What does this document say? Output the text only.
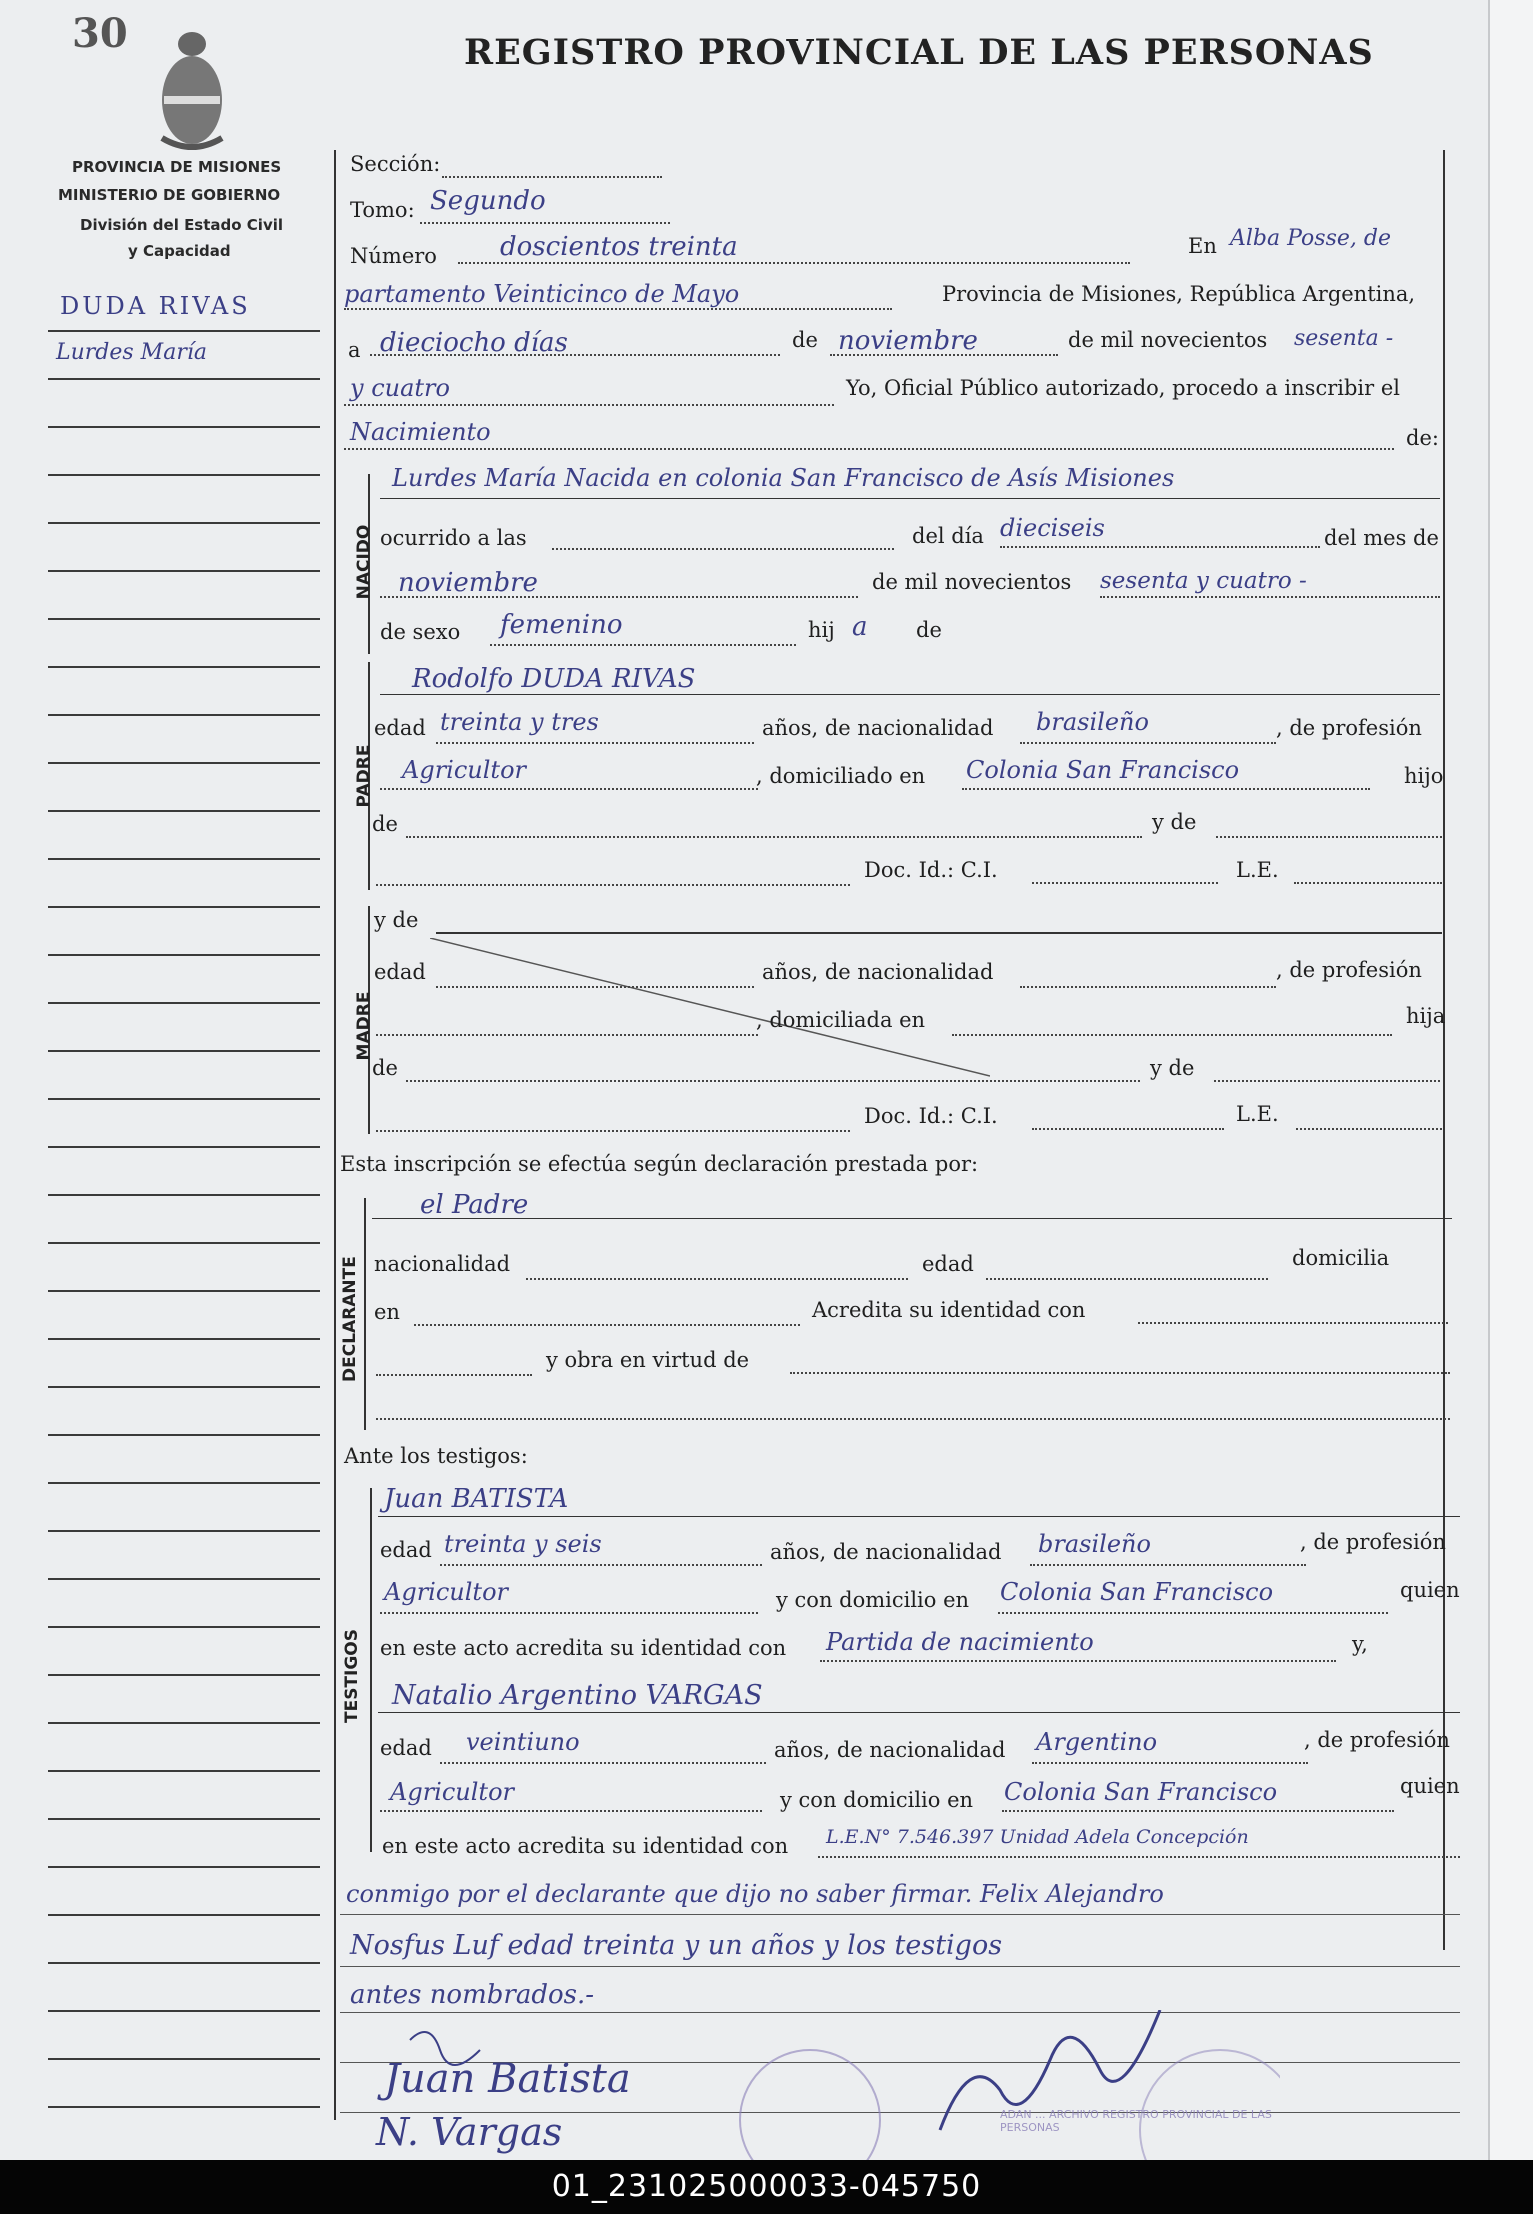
30	REGISTRO PROVINCIAL DE LAS PERSONAS
PROVINCIA DE MISIONES
MINISTERIO DE GOBIERNO
División del Estado Civil
y Capacidad
DUDA RIVAS
Lurdes María
Sección:
Tomo: Segundo
Número doscientos treinta	En Alba Posse, de
partamento Veinticinco de Mayo	Provincia de Misiones, República Argentina,
a dieciocho días	de noviembre	de mil novecientos sesenta -
y cuatro	Yo, Oficial Público autorizado, procedo a inscribir el
Nacimiento	de:
NACIDO
Lurdes María Nacida en colonia San Francisco de Asís Misiones
ocurrido a las	del día dieciseis	del mes de
noviembre	de mil novecientos sesenta y cuatro -
de sexo femenino	hij a de
PADRE
Rodolfo DUDA RIVAS
edad treinta y tres	años, de nacionalidad brasileño	, de profesión
Agricultor	, domiciliado en Colonia San Francisco	hijo
de	y de
Doc. Id.: C.I.	L.E.
MADRE
y de
edad	años, de nacionalidad	, de profesión
, domiciliada en	hija
de	y de
Doc. Id.: C.I.	L.E.
Esta inscripción se efectúa según declaración prestada por:
DECLARANTE
el Padre
nacionalidad	edad	domicilia
en	Acredita su identidad con
y obra en virtud de
Ante los testigos:
TESTIGOS
Juan BATISTA
edad treinta y seis	años, de nacionalidad brasileño	, de profesión
Agricultor	y con domicilio en Colonia San Francisco	quien
en este acto acredita su identidad con Partida de nacimiento	y,
Natalio Argentino VARGAS
edad veintiuno	años, de nacionalidad Argentino	, de profesión
Agricultor	y con domicilio en Colonia San Francisco	quien
en este acto acredita su identidad con L.E.N° 7.546.397 Unidad Adela Concepción
conmigo por el declarante que dijo no saber firmar. Felix Alejandro
Nosfus Luf edad treinta y un años y los testigos
antes nombrados.-
Juan Batista
N. Vargas	ADAN ... ARCHIVO REGISTRO PROVINCIAL DE LAS PERSONAS
01_231025000033-045750
